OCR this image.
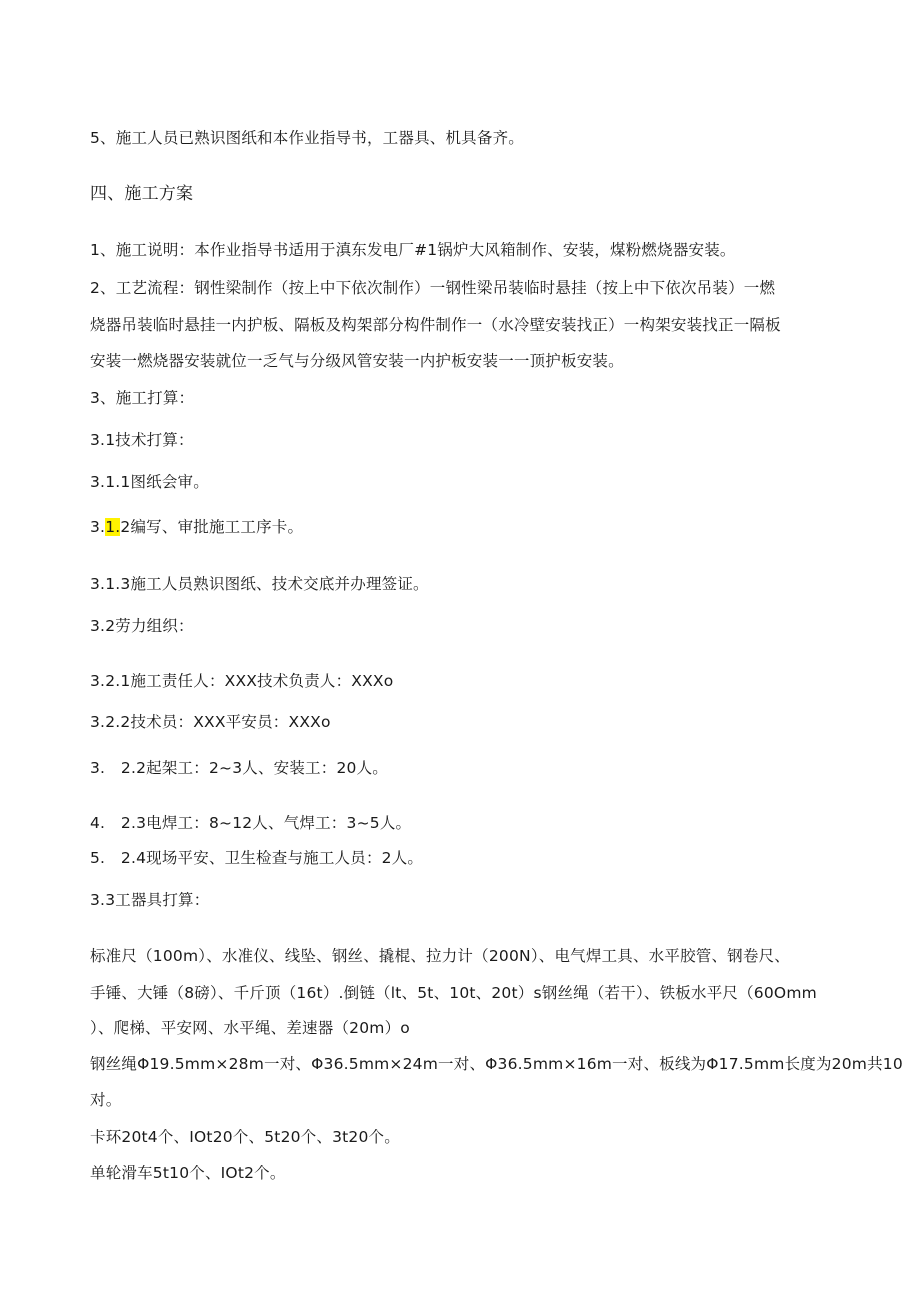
5、施工人员已熟识图纸和本作业指导书，工器具、机具备齐。
四、施工方案
1、施工说明：本作业指导书适用于滇东发电厂#1锅炉大风箱制作、安装，煤粉燃烧器安装。
2、工艺流程：钢性梁制作（按上中下依次制作）一钢性梁吊装临时悬挂（按上中下依次吊装）一燃
烧器吊装临时悬挂一内护板、隔板及构架部分构件制作一（水冷壁安装找正）一构架安装找正一隔板
安装一燃烧器安装就位一乏气与分级风管安装一内护板安装一一顶护板安装。
3、施工打算：
3.1技术打算：
3.1.1图纸会审。
3.1.2编写、审批施工工序卡。
3.1.3施工人员熟识图纸、技术交底并办理签证。
3.2劳力组织：
3.2.1施工责任人：XXX技术负责人：XXXo
3.2.2技术员：XXX平安员：XXXo
3.　2.2起架工：2~3人、安装工：20人。
4.　2.3电焊工：8~12人、气焊工：3~5人。
5.　2.4现场平安、卫生检查与施工人员：2人。
3.3工器具打算：
标准尺（100m）、水准仪、线坠、钢丝、撬棍、拉力计（200N）、电气焊工具、水平胶管、钢卷尺、
手锤、大锤（8磅）、千斤顶（16t）.倒链（lt、5t、10t、20t）s钢丝绳（若干）、铁板水平尺（60Omm
）、爬梯、平安网、水平绳、差速器（20m）o
钢丝绳Φ19.5mm×28m一对、Φ36.5mm×24m一对、Φ36.5mm×16m一对、板线为Φ17.5mm长度为20m共10
对。
卡环20t4个、IOt20个、5t20个、3t20个。
单轮滑车5t10个、IOt2个。
